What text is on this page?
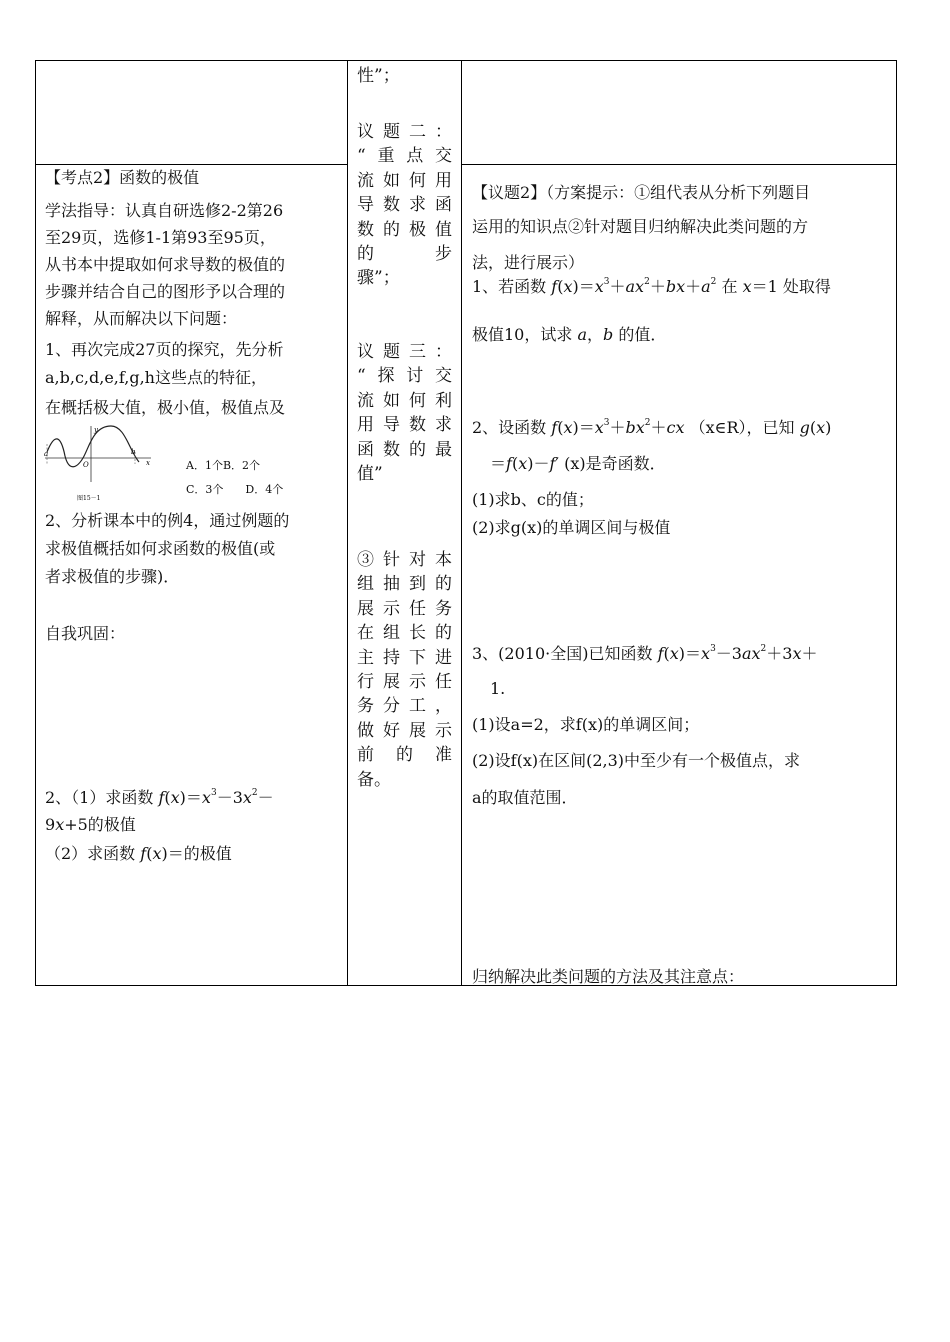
【考点2】函数的极值
学法指导：认真自研选修2-2第26
至29页，选修1-1第93至95页，
从书本中提取如何求导数的极值的
步骤并结合自己的图形予以合理的
解释，从而解决以下问题：
1、再次完成27页的探究，先分析
a,b,c,d,e,f,g,h这些点的特征，
在概括极大值，极小值，极值点及
a
O
b
x
y
图15－1
A．1个B．2个
C．3个　　D．4个
2、分析课本中的例4，通过例题的
求极值概括如何求函数的极值(或
者求极值的步骤)．
自我巩固：
2、（1）求函数 $f(x)=x^3-3x^2-$
9x+5的极值
（2）求函数 f(x)＝的极值
性”；
议题二：
“重点交
流如何用
导数求函
数的极值
的　　步
骤”；
议题三：
“探讨交
流如何利
用导数求
函数的最
值”
③针对本
组抽到的
展示任务
在组长的
主持下进
行展示任
务分工，
做好展示
前的准
备。
【议题2】（方案提示：①组代表从分析下列题目
运用的知识点②针对题目归纳解决此类问题的方
法，进行展示）
1、若函数 $f(x)=x^3+ax^2+bx+a^2$ 在 x＝1 处取得
极值10，试求 a，b 的值．
2、设函数 $f(x)=x^3+bx^2+cx$ （x∈R），已知 g(x)
＝f(x)－f′ (x)是奇函数．
(1)求b、c的值；
(2)求g(x)的单调区间与极值
3、(2010·全国)已知函数 $f(x)=x^3-3ax^2+3x+$
1.
(1)设a=2，求f(x)的单调区间；
(2)设f(x)在区间(2,3)中至少有一个极值点，求
a的取值范围．
归纳解决此类问题的方法及其注意点：
